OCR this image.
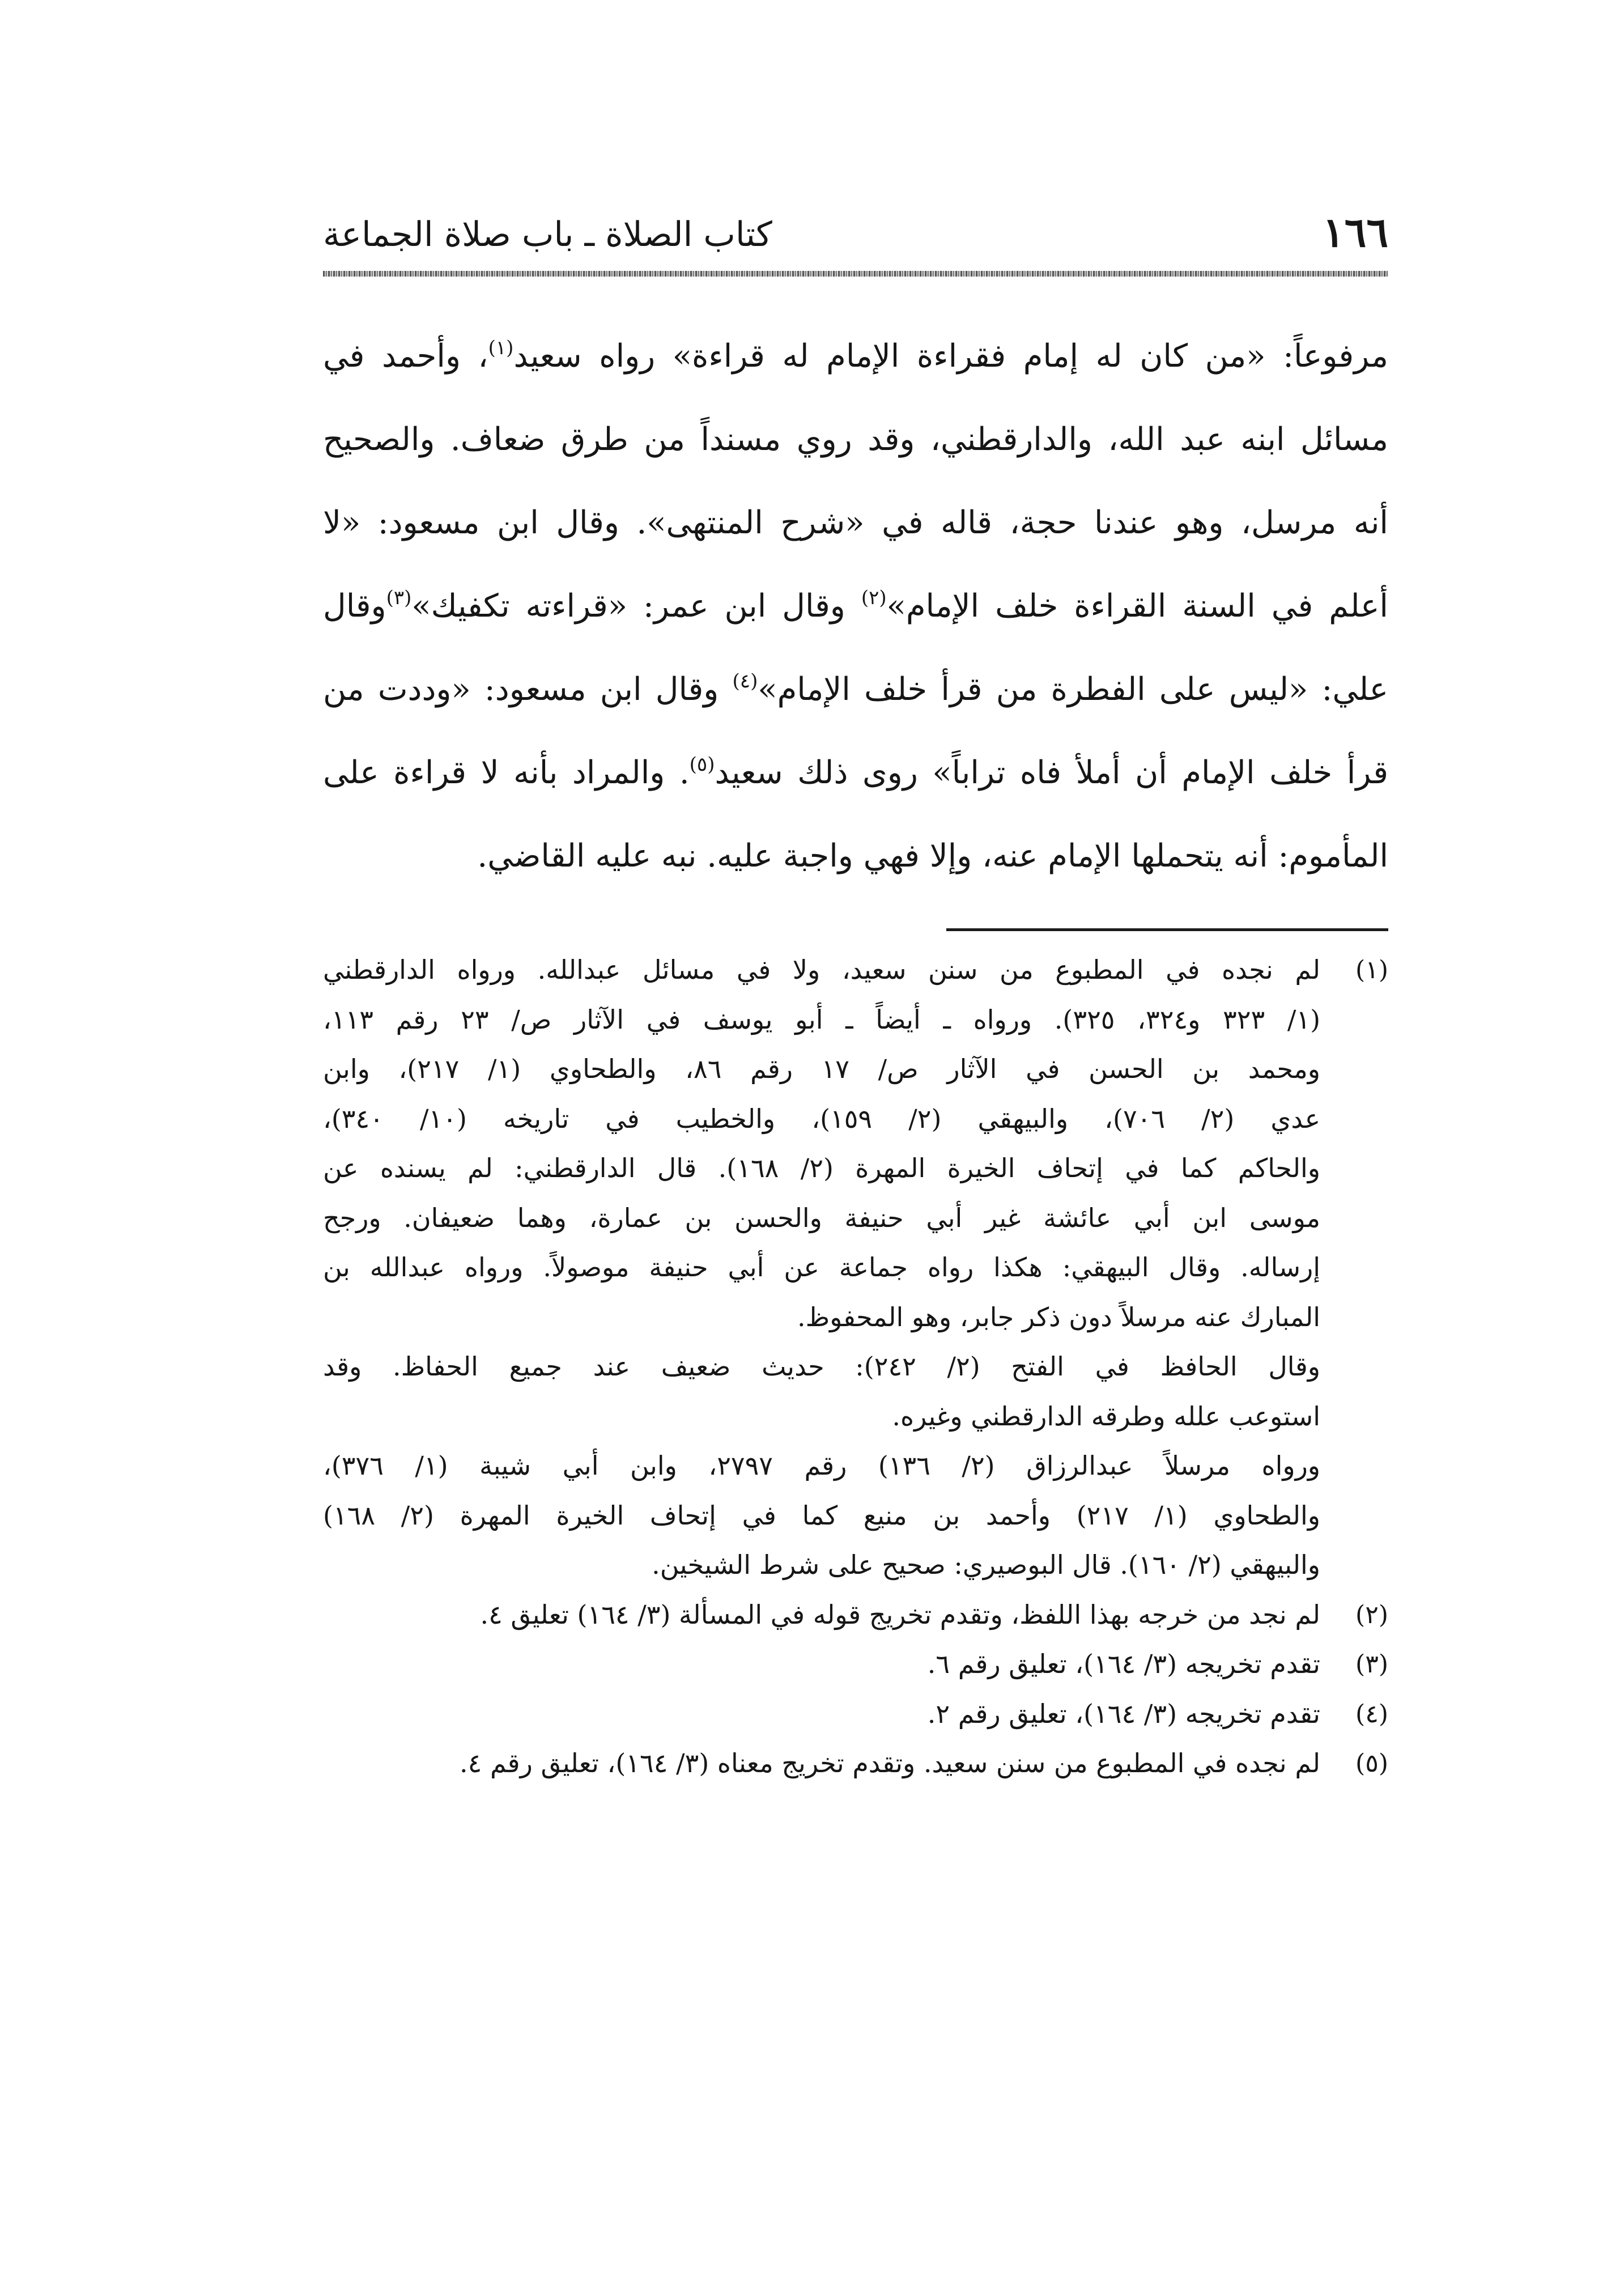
١٦٦
كتاب الصلاة ـ باب صلاة الجماعة
مرفوعاً: «من كان له إمام فقراءة الإمام له قراءة» رواه سعيد$^{(١)}$، وأحمد في
مسائل ابنه عبد الله، والدارقطني، وقد روي مسنداً من طرق ضعاف. والصحيح
أنه مرسل، وهو عندنا حجة، قاله في «شرح المنتهى». وقال ابن مسعود: «لا
أعلم في السنة القراءة خلف الإمام»$^{(٢)}$ وقال ابن عمر: «قراءته تكفيك»$^{(٣)}$وقال
علي: «ليس على الفطرة من قرأ خلف الإمام»$^{(٤)}$ وقال ابن مسعود: «وددت من
قرأ خلف الإمام أن أملأ فاه تراباً» روى ذلك سعيد$^{(٥)}$. والمراد بأنه لا قراءة على
المأموم: أنه يتحملها الإمام عنه، وإلا فهي واجبة عليه. نبه عليه القاضي.
(١)
لم نجده في المطبوع من سنن سعيد، ولا في مسائل عبدالله. ورواه الدارقطني
(١/ ٣٢٣ و٣٢٤، ٣٢٥). ورواه ـ أيضاً ـ أبو يوسف في الآثار ص/ ٢٣ رقم ١١٣،
ومحمد بن الحسن في الآثار ص/ ١٧ رقم ٨٦، والطحاوي (١/ ٢١٧)، وابن
عدي (٢/ ٧٠٦)، والبيهقي (٢/ ١٥٩)، والخطيب في تاريخه (١٠/ ٣٤٠)،
والحاكم كما في إتحاف الخيرة المهرة (٢/ ١٦٨). قال الدارقطني: لم يسنده عن
موسى ابن أبي عائشة غير أبي حنيفة والحسن بن عمارة، وهما ضعيفان. ورجح
إرساله. وقال البيهقي: هكذا رواه جماعة عن أبي حنيفة موصولاً. ورواه عبدالله بن
المبارك عنه مرسلاً دون ذكر جابر، وهو المحفوظ.
وقال الحافظ في الفتح (٢/ ٢٤٢): حديث ضعيف عند جميع الحفاظ. وقد
استوعب علله وطرقه الدارقطني وغيره.
ورواه مرسلاً عبدالرزاق (٢/ ١٣٦) رقم ٢٧٩٧، وابن أبي شيبة (١/ ٣٧٦)،
والطحاوي (١/ ٢١٧) وأحمد بن منيع كما في إتحاف الخيرة المهرة (٢/ ١٦٨)
والبيهقي (٢/ ١٦٠). قال البوصيري: صحيح على شرط الشيخين.
(٢)
لم نجد من خرجه بهذا اللفظ، وتقدم تخريج قوله في المسألة (٣/ ١٦٤) تعليق ٤.
(٣)
تقدم تخريجه (٣/ ١٦٤)، تعليق رقم ٦.
(٤)
تقدم تخريجه (٣/ ١٦٤)، تعليق رقم ٢.
(٥)
لم نجده في المطبوع من سنن سعيد. وتقدم تخريج معناه (٣/ ١٦٤)، تعليق رقم ٤.
